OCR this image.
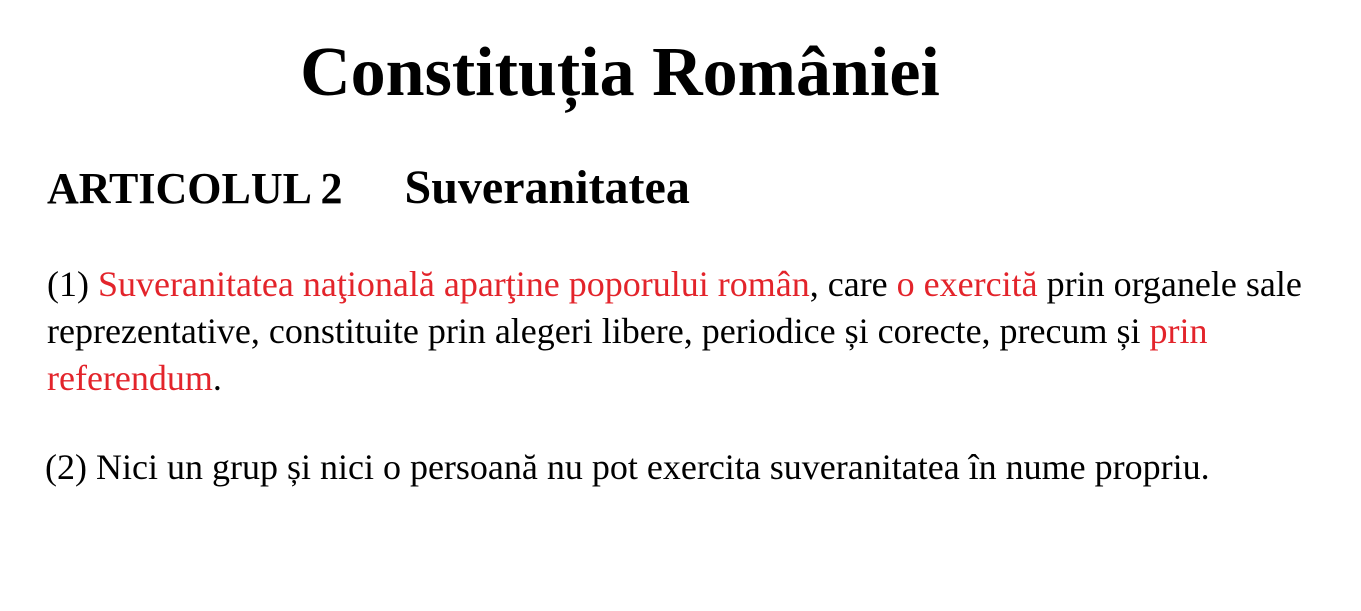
Constituția României
ARTICOLUL 2 Suveranitatea

(1) Suveranitatea naţională aparţine poporului român, care o exercită prin organele sale reprezentative, constituite prin alegeri libere, periodice și corecte, precum și prin referendum.

(2) Nici un grup și nici o persoană nu pot exercita suveranitatea în nume propriu.
